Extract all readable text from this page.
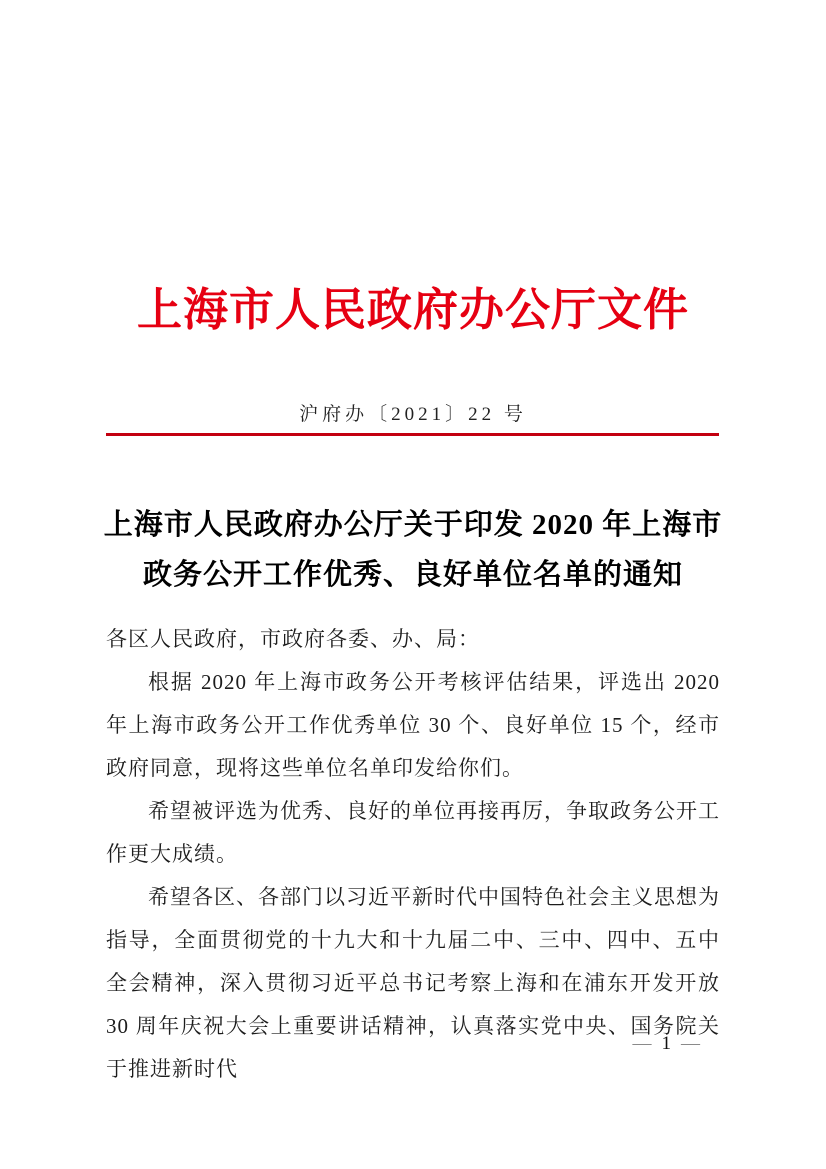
上海市人民政府办公厅文件
沪府办〔2021〕22 号
上海市人民政府办公厅关于印发 2020 年上海市
政务公开工作优秀、良好单位名单的通知

各区人民政府，市政府各委、办、局：

根据 2020 年上海市政务公开考核评估结果，评选出 2020 年上海市政务公开工作优秀单位 30 个、良好单位 15 个，经市政府同意，现将这些单位名单印发给你们。

希望被评选为优秀、良好的单位再接再厉，争取政务公开工作更大成绩。

希望各区、各部门以习近平新时代中国特色社会主义思想为指导，全面贯彻党的十九大和十九届二中、三中、四中、五中全会精神，深入贯彻习近平总书记考察上海和在浦东开发开放 30 周年庆祝大会上重要讲话精神，认真落实党中央、国务院关于推进新时代

— 1 —
